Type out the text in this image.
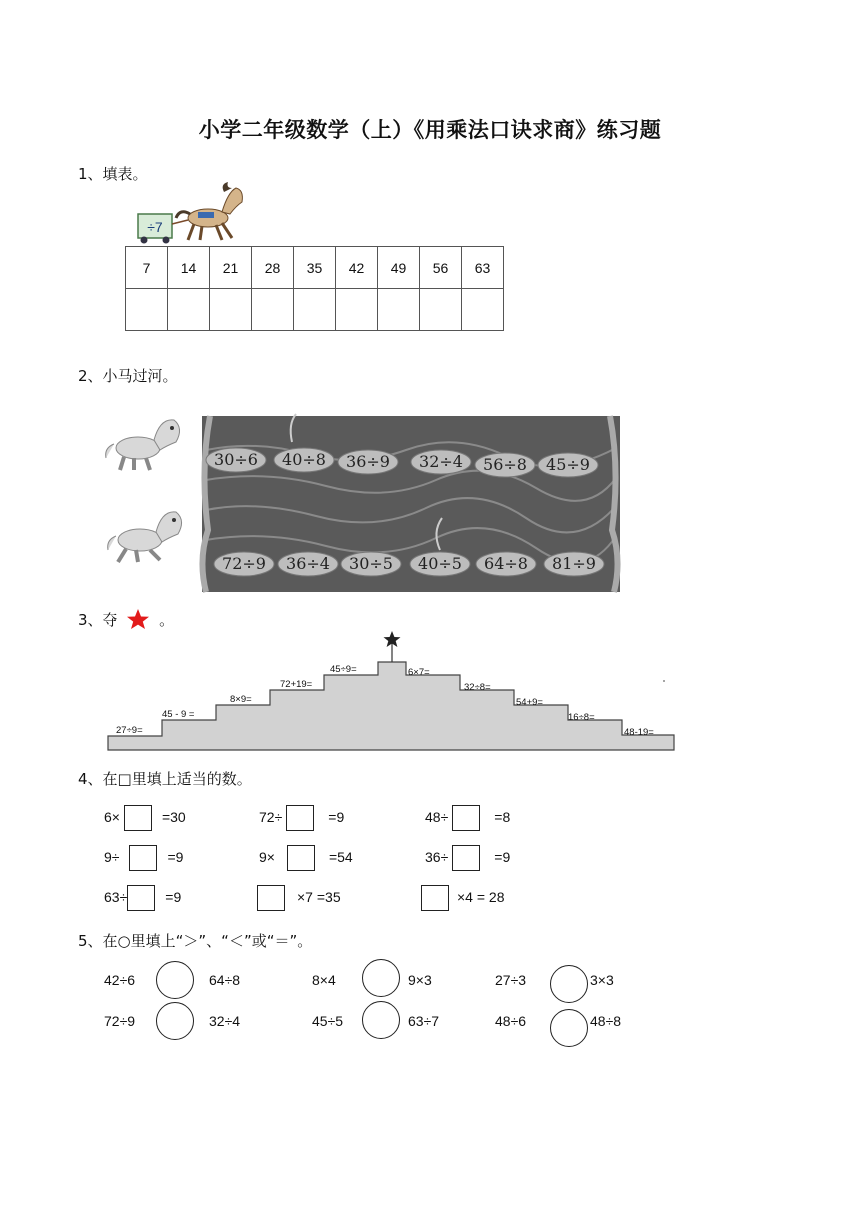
小学二年级数学（上）《用乘法口诀求商》练习题
1、填表。
÷7
7	14	21	28	35	42	49	56	63

2、小马过河。
30÷6 40÷8 36÷9 32÷4 56÷8 45÷9
72÷9 36÷4 30÷5 40÷5 64÷8 81÷9
3、夺	。
27÷9=
45 - 9 =
8×9=
72+19=
45÷9=	6×7=
32÷8=
54+9=
16÷8=
48-19=
4、在□里填上适当的数。
6×	=30	72÷	=9	48÷	=8
9÷	=9	9×	=54	36÷	=9
63÷	=9	×7 =35	×4 = 28
5、在○里填上“＞”、“＜”或“＝”。
42÷6	64÷8	8×4	9×3	27÷3	3×3
72÷9	32÷4	45÷5	63÷7	48÷6	48÷8
